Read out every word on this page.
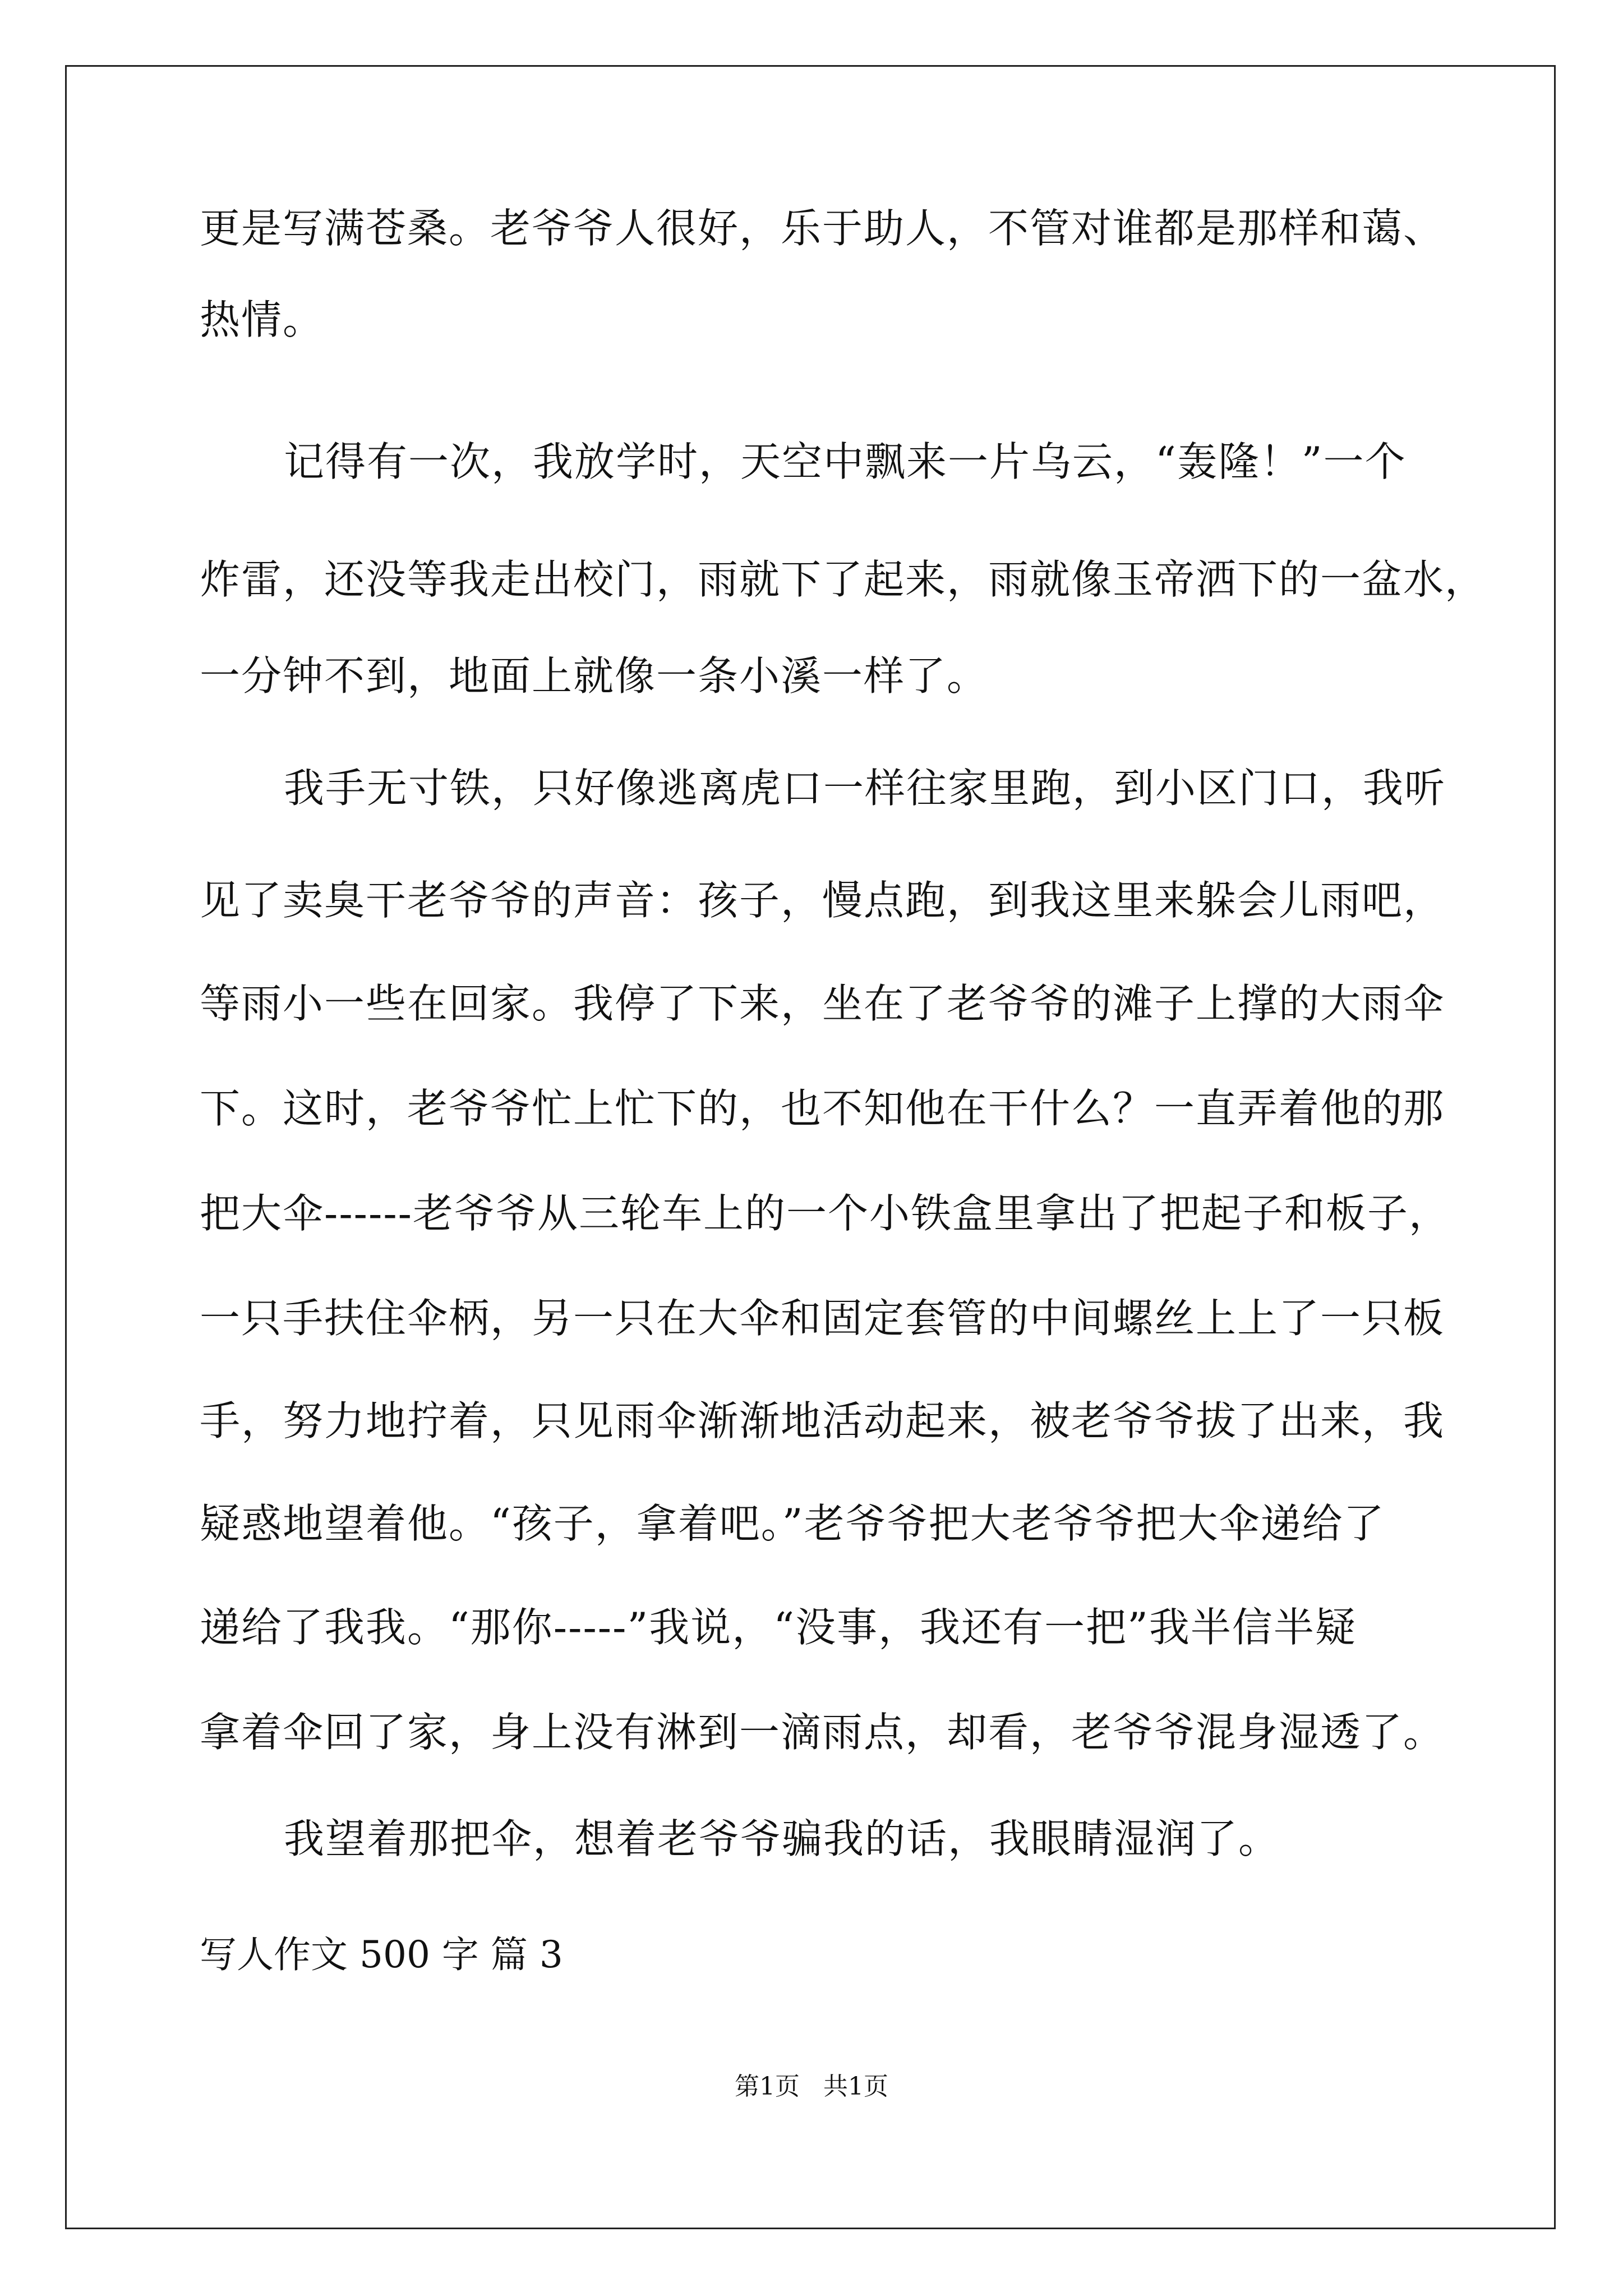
更是写满苍桑。老爷爷人很好，乐于助人，不管对谁都是那样和蔼、
热情。
记得有一次，我放学时，天空中飘来一片乌云，“轰隆！”一个
炸雷，还没等我走出校门，雨就下了起来，雨就像玉帝洒下的一盆水，
一分钟不到，地面上就像一条小溪一样了。
我手无寸铁，只好像逃离虎口一样往家里跑，到小区门口，我听
见了卖臭干老爷爷的声音：孩子，慢点跑，到我这里来躲会儿雨吧，
等雨小一些在回家。我停了下来，坐在了老爷爷的滩子上撑的大雨伞
下。这时，老爷爷忙上忙下的，也不知他在干什么？一直弄着他的那
把大伞------老爷爷从三轮车上的一个小铁盒里拿出了把起子和板子，
一只手扶住伞柄，另一只在大伞和固定套管的中间螺丝上上了一只板
手，努力地拧着，只见雨伞渐渐地活动起来，被老爷爷拔了出来，我
疑惑地望着他。“孩子，拿着吧。”老爷爷把大老爷爷把大伞递给了
递给了我我。“那你-----”我说，“没事，我还有一把”我半信半疑
拿着伞回了家，身上没有淋到一滴雨点，却看，老爷爷混身湿透了。
我望着那把伞，想着老爷爷骗我的话，我眼睛湿润了。
写人作文 500 字 篇 3
第1页   共1页
